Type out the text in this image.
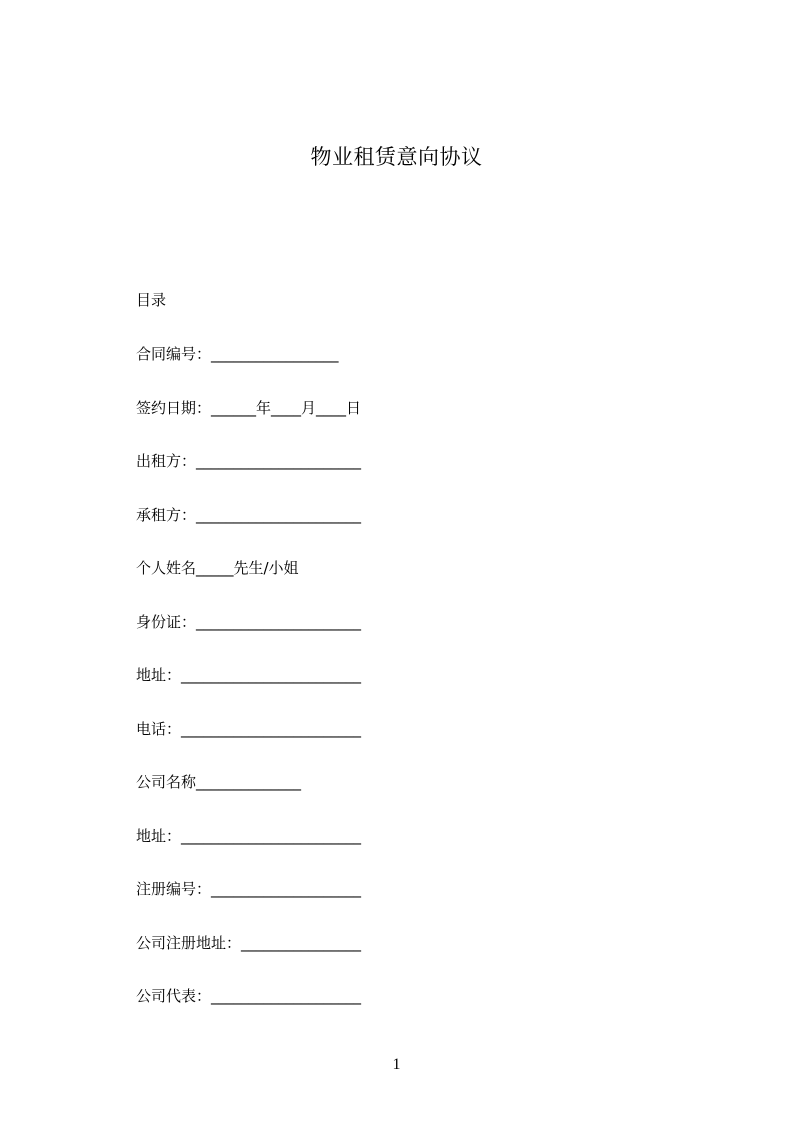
物业租赁意向协议
目录
合同编号：_________________
签约日期：______年____月____日
出租方：______________________
承租方：______________________
个人姓名_____先生/小姐
身份证：______________________
地址：________________________
电话：________________________
公司名称______________
地址：________________________
注册编号：____________________
公司注册地址：________________
公司代表：____________________
1
